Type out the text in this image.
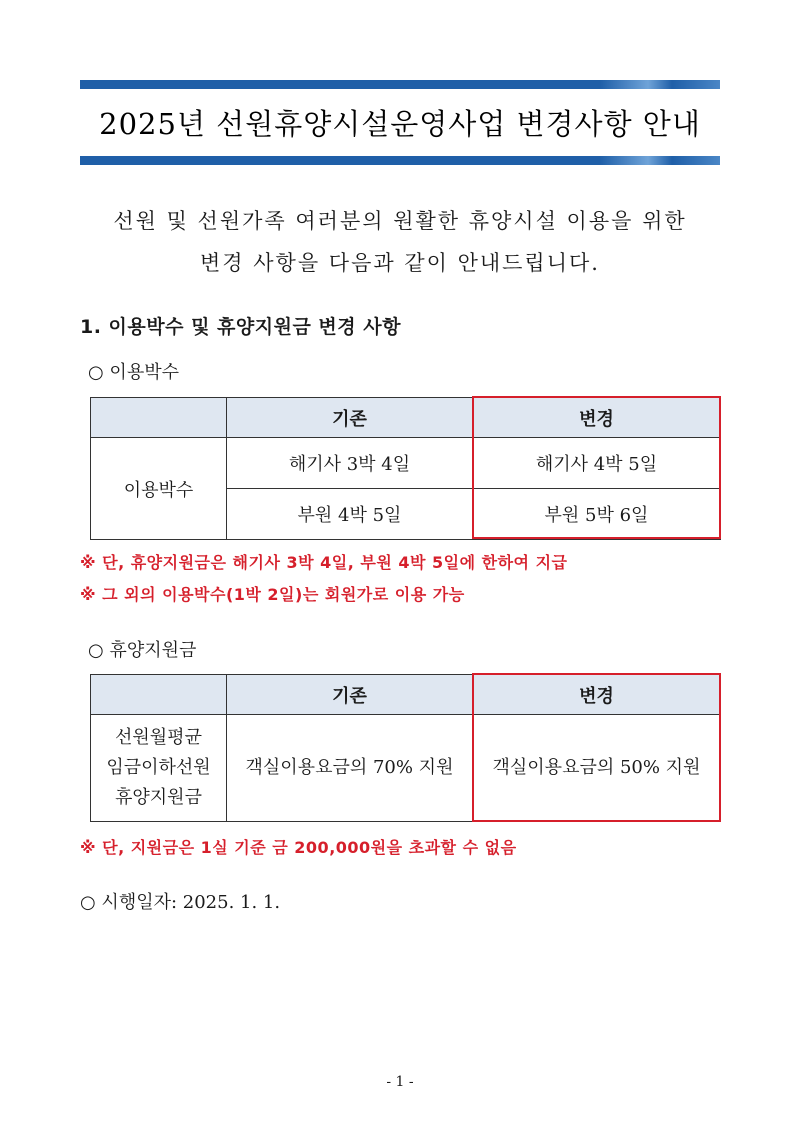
2025년 선원휴양시설운영사업 변경사항 안내
선원 및 선원가족 여러분의 원활한 휴양시설 이용을 위한
변경 사항을 다음과 같이 안내드립니다.
1. 이용박수 및 휴양지원금 변경 사항
○ 이용박수
	기존	변경
이용박수	해기사 3박 4일	해기사 4박 5일
	부원 4박 5일	부원 5박 6일
※ 단, 휴양지원금은 해기사 3박 4일, 부원 4박 5일에 한하여 지급
※ 그 외의 이용박수(1박 2일)는 회원가로 이용 가능
○ 휴양지원금
	기존	변경

선원월평균
임금이하선원
휴양지원금	객실이용요금의 70% 지원	객실이용요금의 50% 지원
※ 단, 지원금은 1실 기준 금 200,000원을 초과할 수 없음
○ 시행일자: 2025. 1. 1.
- 1 -
